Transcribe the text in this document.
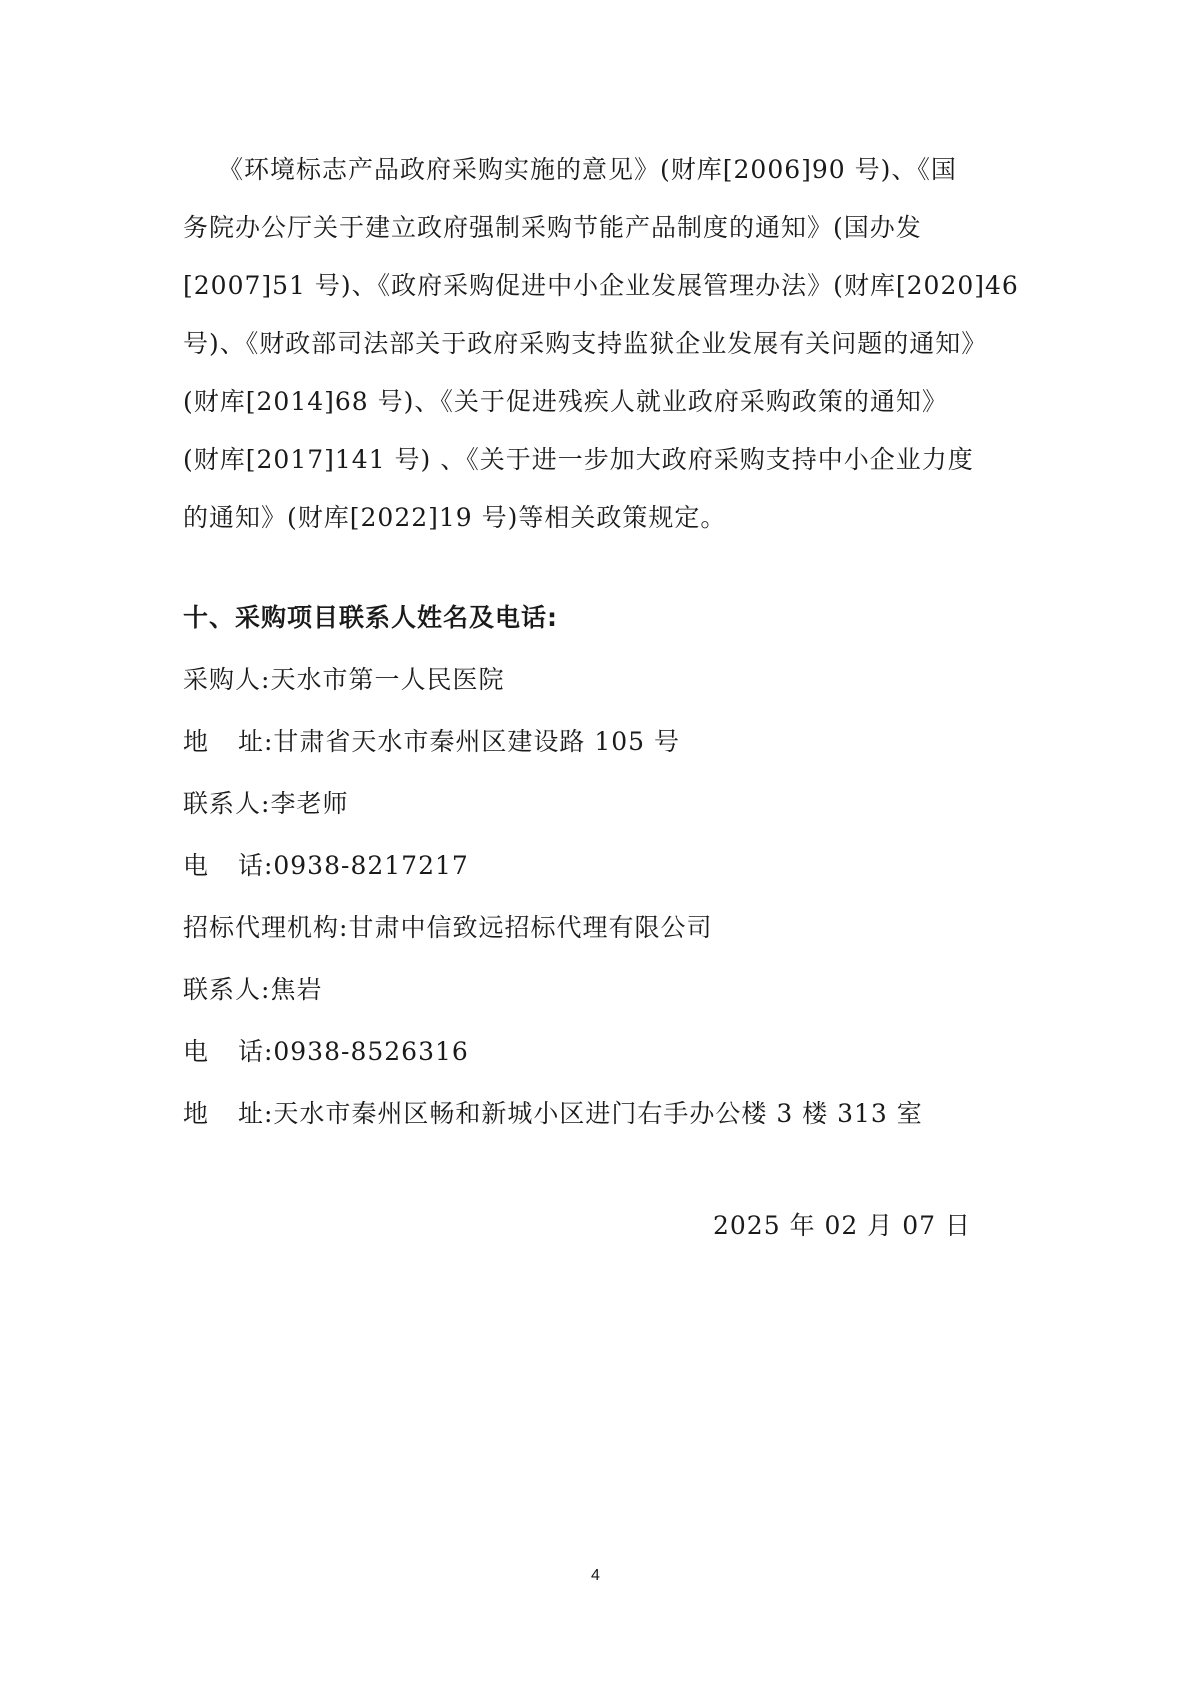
《环境标志产品政府采购实施的意见》(财库[2006]90 号)、《国
务院办公厅关于建立政府强制采购节能产品制度的通知》(国办发
[2007]51 号)、《政府采购促进中小企业发展管理办法》(财库[2020]46
号)、《财政部司法部关于政府采购支持监狱企业发展有关问题的通知》
(财库[2014]68 号)、《关于促进残疾人就业政府采购政策的通知》
(财库[2017]141 号) 、《关于进一步加大政府采购支持中小企业力度
的通知》(财库[2022]19 号)等相关政策规定。
十、采购项目联系人姓名及电话:
采购人:天水市第一人民医院
地 址:甘肃省天水市秦州区建设路 105 号
联系人:李老师
电 话:0938-8217217
招标代理机构:甘肃中信致远招标代理有限公司
联系人:焦岩
电 话:0938-8526316
地 址:天水市秦州区畅和新城小区进门右手办公楼 3 楼 313 室
2025 年 02 月 07 日
4
